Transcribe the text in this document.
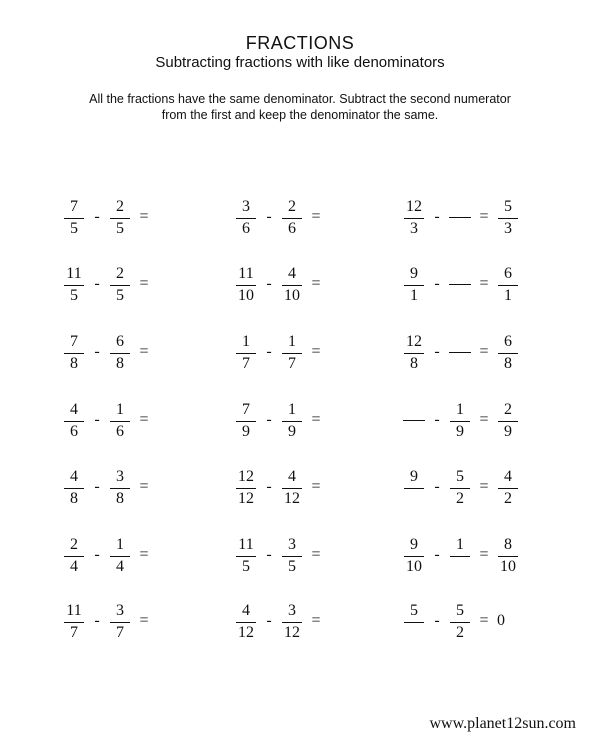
FRACTIONS
Subtracting fractions with like denominators
All the fractions have the same denominator. Subtract the second numerator
from the first and keep the denominator the same.
7
5
-
2
5
=
3
6
-
2
6
=
12
3
- =
5
3
11
5
-
2
5
=
11
10
-
4
10
=
9
1
- =
6
1
7
8
-
6
8
=
1
7
-
1
7
=
12
8
- =
6
8
4
6
-
1
6
=
7
9
-
1
9
=	-
1
9
=
2
9
4
8
-
3
8
=
12
12
-
4
12
=
9
-
5
2
=
4
2
2
4
-
1
4
=
11
5
-
3
5
=
9
10
-
1
=
8
10
11
7
-
3
7
=
4
12
-
3
12
=
5
-
5
2
= 0
www.planet12sun.com
